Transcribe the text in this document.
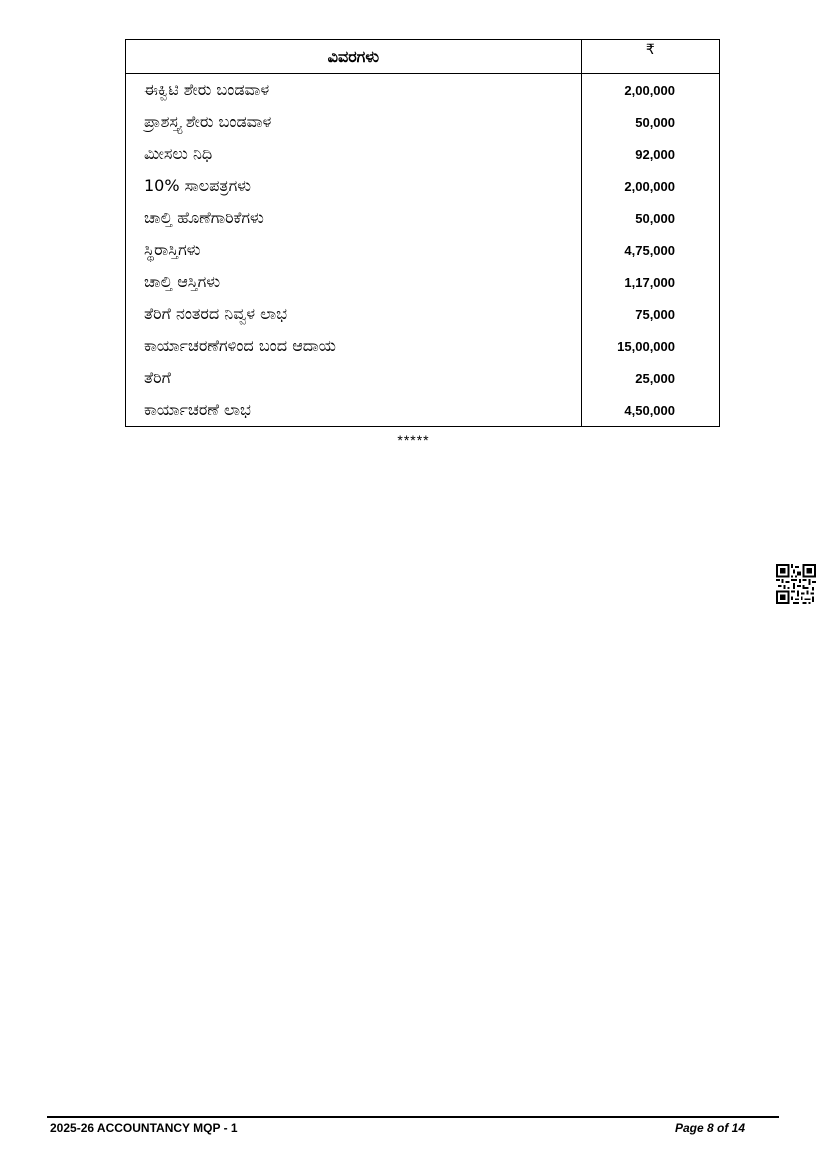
ವಿವರಗಳು	₹
ಈಕ್ವಿಟಿ ಶೇರು ಬಂಡವಾಳ	2,00,000
ಪ್ರಾಶಸ್ತ್ಯ ಶೇರು ಬಂಡವಾಳ	50,000
ಮೀಸಲು ನಿಧಿ	92,000
10% ಸಾಲಪತ್ರಗಳು	2,00,000
ಚಾಲ್ತಿ ಹೊಣೆಗಾರಿಕೆಗಳು	50,000
ಸ್ಥಿರಾಸ್ತಿಗಳು	4,75,000
ಚಾಲ್ತಿ ಆಸ್ತಿಗಳು	1,17,000
ತೆರಿಗೆ ನಂತರದ ನಿವ್ವಳ ಲಾಭ	75,000
ಕಾರ್ಯಾಚರಣೆಗಳಿಂದ ಬಂದ ಆದಾಯ	15,00,000
ತೆರಿಗೆ	25,000
ಕಾರ್ಯಾಚರಣೆ ಲಾಭ	4,50,000
*****
2025-26 ACCOUNTANCY MQP - 1	Page 8 of 14
